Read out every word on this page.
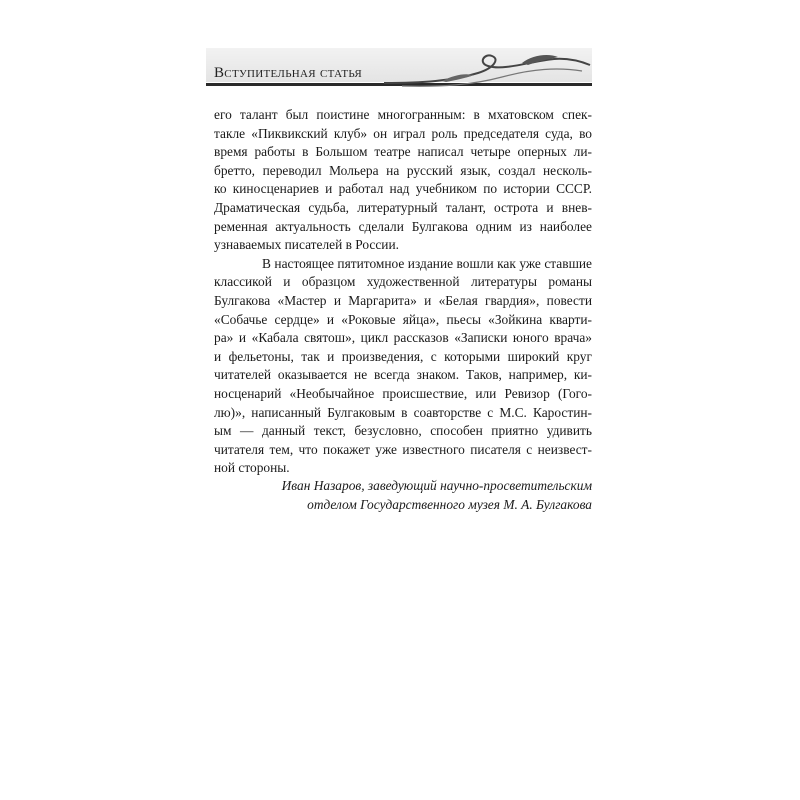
Вступительная статья

его талант был поистине многогранным: в мхатовском спек-
такле «Пиквикский клуб» он играл роль председателя суда, во
время работы в Большом театре написал четыре оперных ли-
бретто, переводил Мольера на русский язык, создал несколь-
ко киносценариев и работал над учебником по истории СССР.
Драматическая судьба, литературный талант, острота и внев-
ременная актуальность сделали Булгакова одним из наиболее
узнаваемых писателей в России.

В настоящее пятитомное издание вошли как уже ставшие
классикой и образцом художественной литературы романы
Булгакова «Мастер и Маргарита» и «Белая гвардия», повести
«Собачье сердце» и «Роковые яйца», пьесы «Зойкина кварти-
ра» и «Кабала святош», цикл рассказов «Записки юного врача»
и фельетоны, так и произведения, с которыми широкий круг
читателей оказывается не всегда знаком. Таков, например, ки-
носценарий «Необычайное происшествие, или Ревизор (Гого-
лю)», написанный Булгаковым в соавторстве с М.С. Каростин-
ым — данный текст, безусловно, способен приятно удивить
читателя тем, что покажет уже известного писателя с неизвест-
ной стороны.

Иван Назаров, заведующий научно-просветительским
отделом Государственного музея М. А. Булгакова
